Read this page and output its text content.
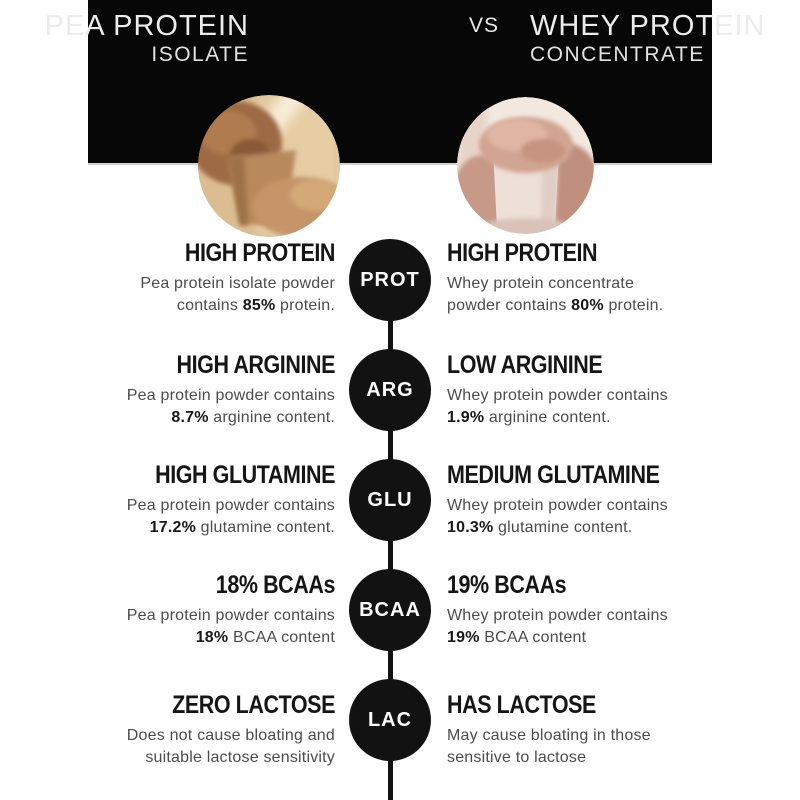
PEA PROTEIN
ISOLATE
VS WHEY PROTEIN
CONCENTRATE
HIGH PROTEIN

Pea protein isolate powder
contains 85% protein.

PROT
HIGH PROTEIN

Whey protein concentrate
powder contains 80% protein.

HIGH ARGININE

Pea protein powder contains
8.7% arginine content.

ARG
LOW ARGININE

Whey protein powder contains
1.9% arginine content.

HIGH GLUTAMINE

Pea protein powder contains
17.2% glutamine content.

GLU
MEDIUM GLUTAMINE

Whey protein powder contains
10.3% glutamine content.

18% BCAAs

Pea protein powder contains
18% BCAA content

BCAA
19% BCAAs

Whey protein powder contains
19% BCAA content

ZERO LACTOSE

Does not cause bloating and
suitable lactose sensitivity

LAC
HAS LACTOSE

May cause bloating in those
sensitive to lactose
